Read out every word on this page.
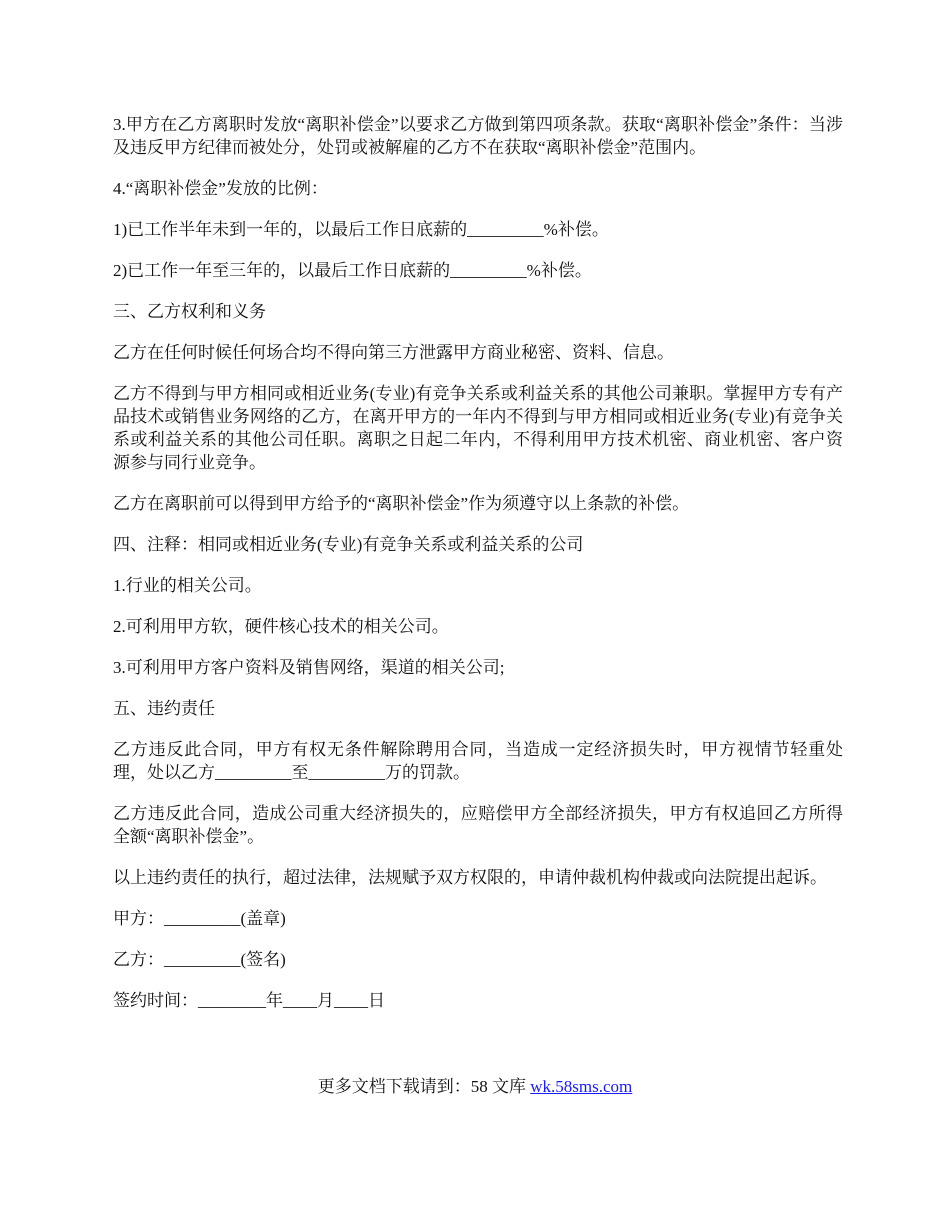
3.甲方在乙方离职时发放“离职补偿金”以要求乙方做到第四项条款。获取“离职补偿金”条件：当涉及违反甲方纪律而被处分，处罚或被解雇的乙方不在获取“离职补偿金”范围内。

4.“离职补偿金”发放的比例：

1)已工作半年未到一年的，以最后工作日底薪的_________%补偿。

2)已工作一年至三年的，以最后工作日底薪的_________%补偿。

三、乙方权利和义务

乙方在任何时候任何场合均不得向第三方泄露甲方商业秘密、资料、信息。

乙方不得到与甲方相同或相近业务(专业)有竞争关系或利益关系的其他公司兼职。掌握甲方专有产品技术或销售业务网络的乙方，在离开甲方的一年内不得到与甲方相同或相近业务(专业)有竞争关系或利益关系的其他公司任职。离职之日起二年内，不得利用甲方技术机密、商业机密、客户资源参与同行业竞争。

乙方在离职前可以得到甲方给予的“离职补偿金”作为须遵守以上条款的补偿。

四、注释：相同或相近业务(专业)有竞争关系或利益关系的公司

1.行业的相关公司。

2.可利用甲方软，硬件核心技术的相关公司。

3.可利用甲方客户资料及销售网络，渠道的相关公司;

五、违约责任

乙方违反此合同，甲方有权无条件解除聘用合同，当造成一定经济损失时，甲方视情节轻重处理，处以乙方_________至_________万的罚款。

乙方违反此合同，造成公司重大经济损失的，应赔偿甲方全部经济损失，甲方有权追回乙方所得全额“离职补偿金”。

以上违约责任的执行，超过法律，法规赋予双方权限的，申请仲裁机构仲裁或向法院提出起诉。

甲方：_________(盖章)

乙方：_________(签名)

签约时间：________年____月____日

更多文档下载请到：58 文库 wk.58sms.com
